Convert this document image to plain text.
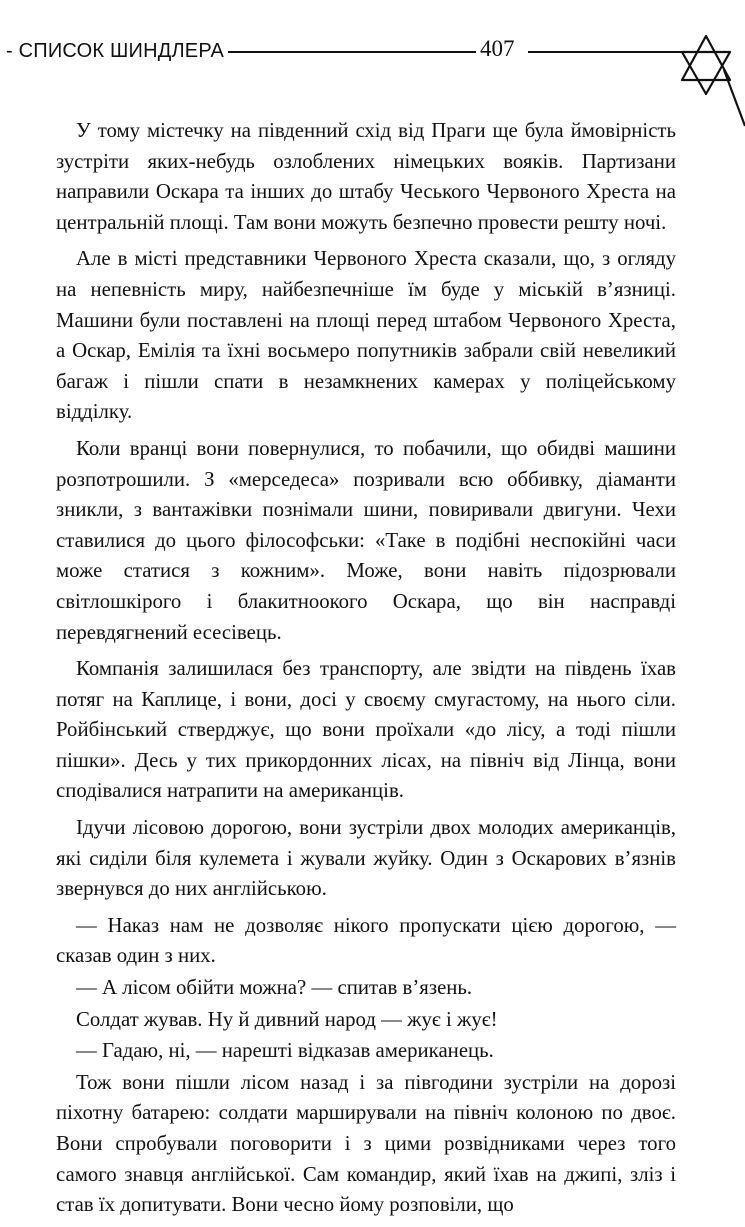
- СПИСОК ШИНДЛЕРА	407

У тому містечку на південний схід від Праги ще була ймовірність зустріти яких-небудь озлоблених німецьких вояків. Партизани направили Оскара та інших до штабу Чеського Червоного Хреста на центральній площі. Там вони можуть безпечно провести решту ночі.

Але в місті представники Червоного Хреста сказали, що, з огляду на непевність миру, найбезпечніше їм буде у міській в’язниці. Машини були поставлені на площі перед штабом Червоного Хреста, а Оскар, Емілія та їхні восьмеро попутників забрали свій невеликий багаж і пішли спати в незамкнених камерах у поліцейському відділку.

Коли вранці вони повернулися, то побачили, що обидві машини розпотрошили. З «мерседеса» позривали всю оббивку, діаманти зникли, з вантажівки познімали шини, повиривали двигуни. Чехи ставилися до цього філософськи: «Таке в подібні неспокійні часи може статися з кожним». Може, вони навіть підозрювали світлошкірого і блакитноокого Оскара, що він насправді перевдягнений есесівець.

Компанія залишилася без транспорту, але звідти на південь їхав потяг на Каплице, і вони, досі у своєму смугастому, на нього сіли. Ройбінський стверджує, що вони проїхали «до лісу, а тоді пішли пішки». Десь у тих прикордонних лісах, на північ від Лінца, вони сподівалися натрапити на американців.

Ідучи лісовою дорогою, вони зустріли двох молодих американців, які сиділи біля кулемета і жували жуйку. Один з Оскарових в’язнів звернувся до них англійською.

— Наказ нам не дозволяє нікого пропускати цією дорогою, — сказав один з них.

— А лісом обійти можна? — спитав в’язень.

Солдат жував. Ну й дивний народ — жує і жує!

— Гадаю, ні, — нарешті відказав американець.

Тож вони пішли лісом назад і за півгодини зустріли на дорозі піхотну батарею: солдати марширували на північ колоною по двоє. Вони спробували поговорити і з цими розвідниками через того самого знавця англійської. Сам командир, який їхав на джипі, зліз і став їх допитувати. Вони чесно йому розповіли, що
